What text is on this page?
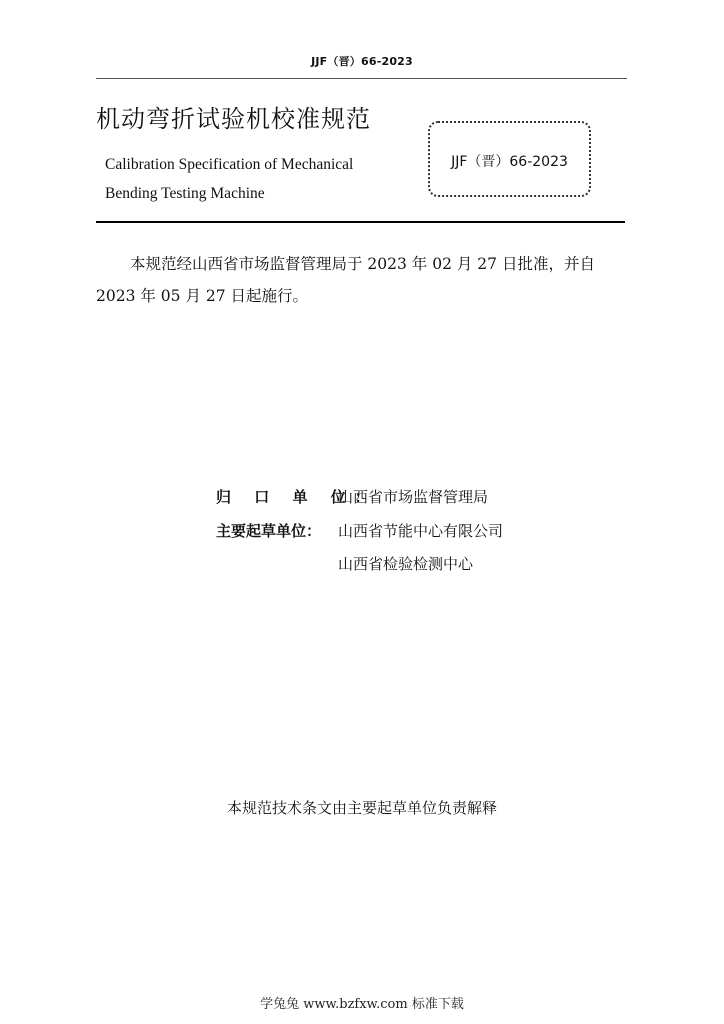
JJF（晋）66-2023
机动弯折试验机校准规范
Calibration Specification of Mechanical
Bending Testing Machine
JJF（晋）66-2023
本规范经山西省市场监督管理局于 2023 年 02 月 27 日批准，并自
2023 年 05 月 27 日起施行。
归 口 单 位：山西省市场监督管理局
主要起草单位： 山西省节能中心有限公司
山西省检验检测中心
本规范技术条文由主要起草单位负责解释
学兔兔 www.bzfxw.com 标准下载
